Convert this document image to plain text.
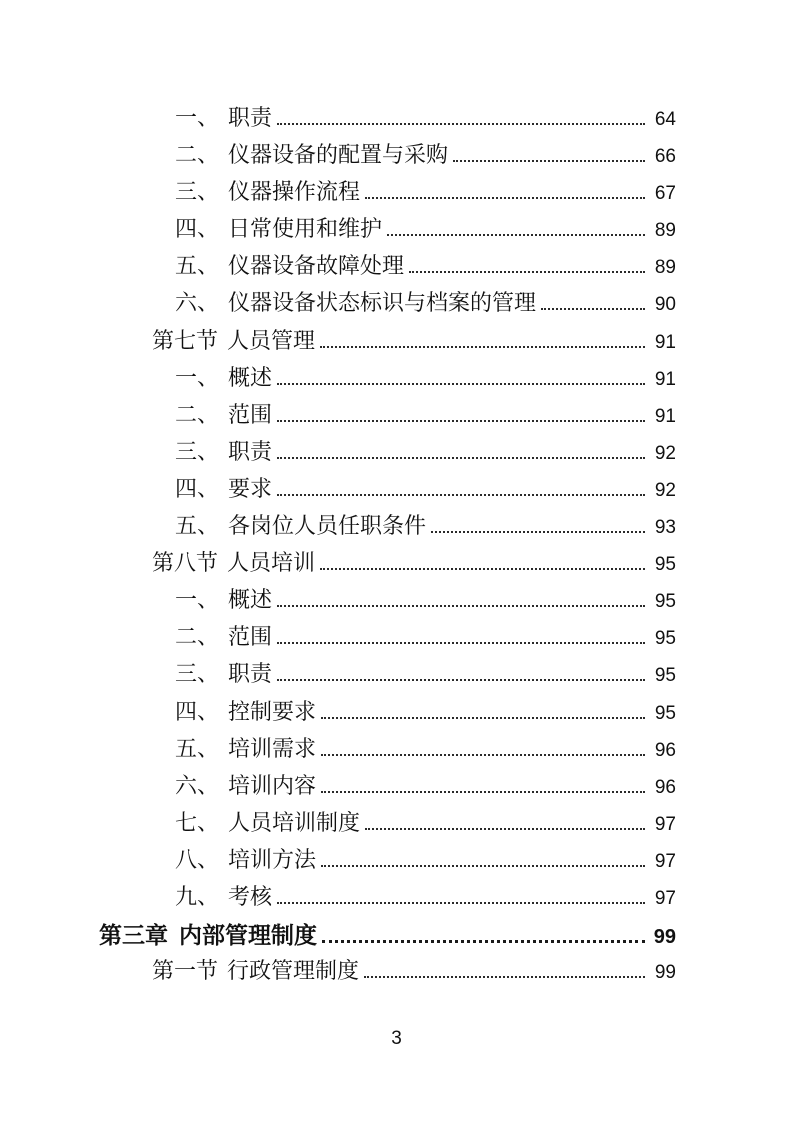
一、 职责	64
二、 仪器设备的配置与采购	66
三、 仪器操作流程	67
四、 日常使用和维护	89
五、 仪器设备故障处理	89
六、 仪器设备状态标识与档案的管理	90
第七节 人员管理	91
一、 概述	91
二、 范围	91
三、 职责	92
四、 要求	92
五、 各岗位人员任职条件	93
第八节 人员培训	95
一、 概述	95
二、 范围	95
三、 职责	95
四、 控制要求	95
五、 培训需求	96
六、 培训内容	96
七、 人员培训制度	97
八、 培训方法	97
九、 考核	97
第三章 内部管理制度	99
第一节 行政管理制度	99
3
